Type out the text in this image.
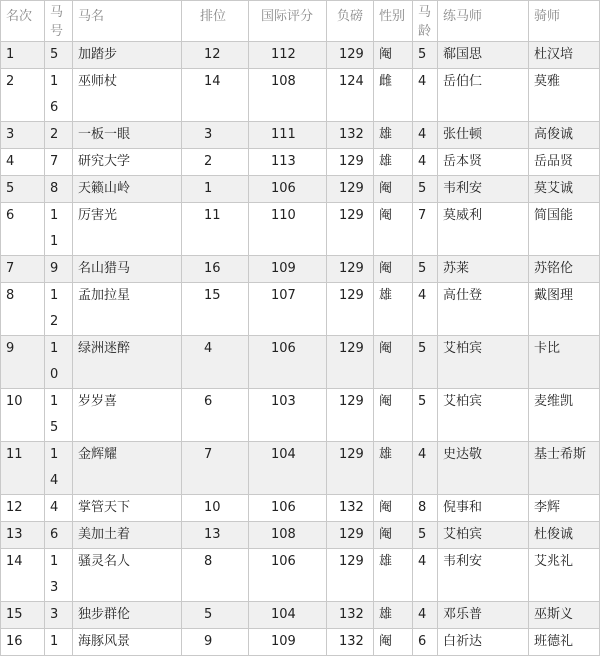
名次	马号	马名	排位	国际评分	负磅	性别	马龄	练马师	骑师
1	5	加踏步	12	112	129	阉	5	郗国思	杜汉培
2	16	巫师杖	14	108	124	雌	4	岳伯仁	莫雅
3	2	一板一眼	3	111	132	雄	4	张仕顿	高俊诚
4	7	研究大学	2	113	129	雄	4	岳本贤	岳品贤
5	8	天籁山岭	1	106	129	阉	5	韦利安	莫艾诚
6	11	厉害光	11	110	129	阉	7	莫威利	简国能
7	9	名山猎马	16	109	129	阉	5	苏莱	苏铭伦
8	12	孟加拉星	15	107	129	雄	4	高仕登	戴图理
9	10	绿洲迷醉	4	106	129	阉	5	艾柏宾	卡比
10	15	岁岁喜	6	103	129	阉	5	艾柏宾	麦维凯
11	14	金辉耀	7	104	129	雄	4	史达敬	基士希斯
12	4	掌管天下	10	106	132	阉	8	倪事和	李辉
13	6	美加土着	13	108	129	阉	5	艾柏宾	杜俊诚
14	13	骚灵名人	8	106	129	雄	4	韦利安	艾兆礼
15	3	独步群伦	5	104	132	雄	4	邓乐普	巫斯义
16	1	海豚风景	9	109	132	阉	6	白祈达	班德礼
